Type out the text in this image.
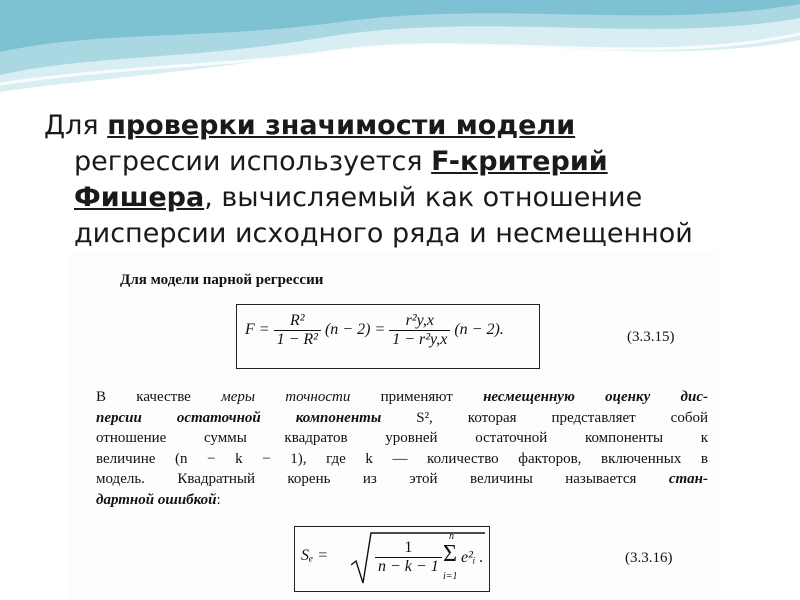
Для проверки значимости модели
регрессии используется F-критерий
Фишера, вычисляемый как отношение
дисперсии исходного ряда и несмещенной
Для модели парной регрессии
$F = \frac{\text{R²}}{\text{1 − R²}} (n - 2) = \frac{\text{r²y,x}}{\text{1 − r²y,x}} (n - 2)$.	(3.3.15)
В качестве меры точности применяют несмещенную оценку дис-
персии остаточной компоненты S², которая представляет собой
отношение суммы квадратов уровней остаточной компоненты к
величине (n − k − 1), где k — количество факторов, включенных в
модель. Квадратный корень из этой величины называется стан-
дартной ошибкой:
Sₑ =	$\frac{1}{n - k - 1}$
n
Σ
i=1
e²ᵢ .	(3.3.16)
